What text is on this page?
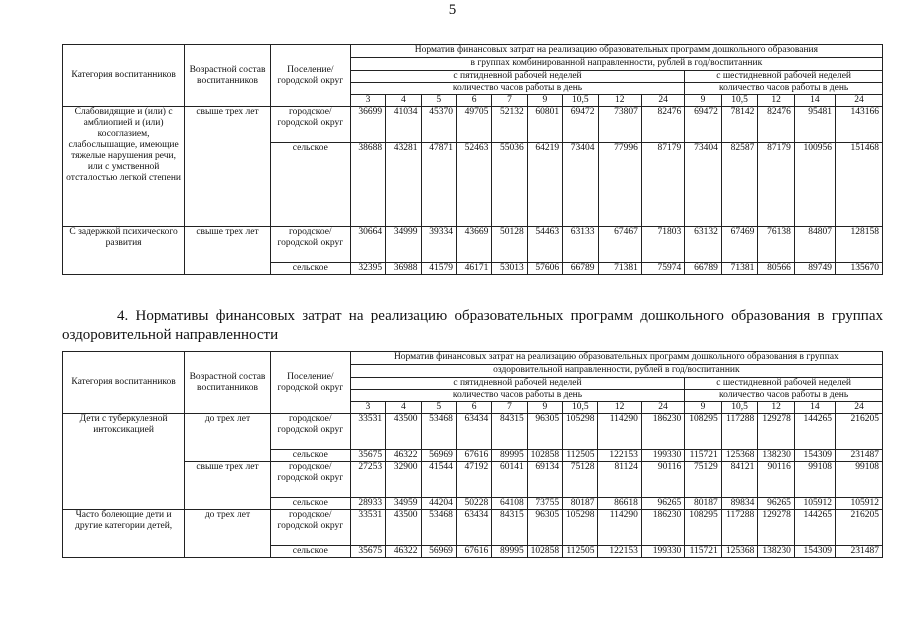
5
Категория воспитанников	Возрастной состав воспитанников	Поселение/ городской округ	Норматив финансовых затрат на реализацию образовательных программ дошкольного образования													
			в группах комбинированной направленности, рублей в год/воспитанник													
			с пятидневной рабочей неделей									с шестидневной рабочей неделей				
			количество часов работы в день									количество часов работы в день				
			3	4	5	6	7	9	10,5	12	24	9	10,5	12	14	24
Слабовидящие и (или) с амблиопией и (или) косоглазием, слабослышащие, имеющие тяжелые нарушения речи, или с умственной отсталостью легкой степени	свыше трех лет	городское/ городской округ	36699	41034	45370	49705	52132	60801	69472	73807	82476	69472	78142	82476	95481	143166
		сельское	38688	43281	47871	52463	55036	64219	73404	77996	87179	73404	82587	87179	100956	151468
С задержкой психического развития	свыше трех лет	городское/ городской округ	30664	34999	39334	43669	50128	54463	63133	67467	71803	63132	67469	76138	84807	128158
		сельское	32395	36988	41579	46171	53013	57606	66789	71381	75974	66789	71381	80566	89749	135670
4. Нормативы финансовых затрат на реализацию образовательных программ дошкольного образования в группах
оздоровительной направленности
Категория воспитанников	Возрастной состав воспитанников	Поселение/ городской округ	Норматив финансовых затрат на реализацию образовательных программ дошкольного образования в группах													
			оздоровительной направленности, рублей в год/воспитанник													
			с пятидневной рабочей неделей									с шестидневной рабочей неделей				
			количество часов работы в день									количество часов работы в день				
			3	4	5	6	7	9	10,5	12	24	9	10,5	12	14	24
Дети с туберкулезной интоксикацией	до трех лет	городское/ городской округ	33531	43500	53468	63434	84315	96305	105298	114290	186230	108295	117288	129278	144265	216205
		сельское	35675	46322	56969	67616	89995	102858	112505	122153	199330	115721	125368	138230	154309	231487
	свыше трех лет	городское/ городской округ	27253	32900	41544	47192	60141	69134	75128	81124	90116	75129	84121	90116	99108	99108
		сельское	28933	34959	44204	50228	64108	73755	80187	86618	96265	80187	89834	96265	105912	105912
Часто болеющие дети и другие категории детей,	до трех лет	городское/ городской округ	33531	43500	53468	63434	84315	96305	105298	114290	186230	108295	117288	129278	144265	216205
		сельское	35675	46322	56969	67616	89995	102858	112505	122153	199330	115721	125368	138230	154309	231487
